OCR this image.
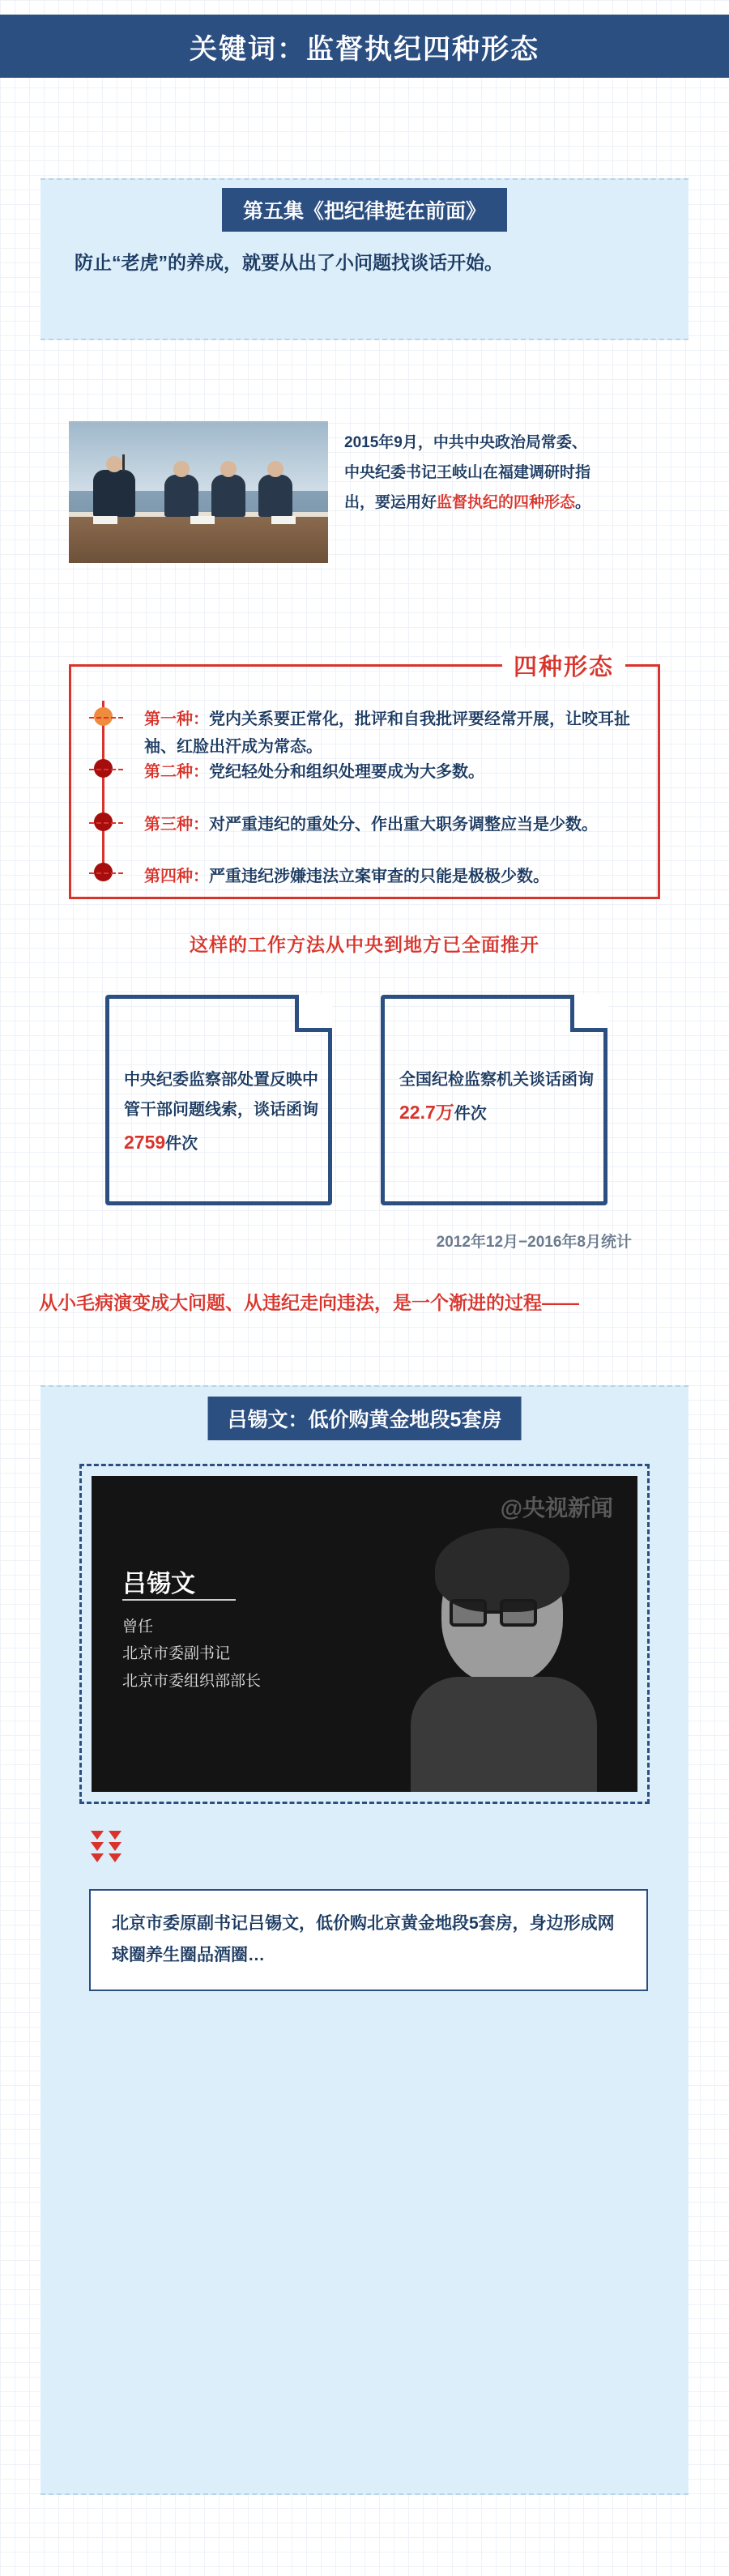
关键词：监督执纪四种形态
第五集《把纪律挺在前面》
防止“老虎”的养成，就要从出了小问题找谈话开始。
2015年9月，中共中央政治局常委、
中央纪委书记王岐山在福建调研时指
出，要运用好监督执纪的四种形态。
四种形态
第一种：党内关系要正常化，批评和自我批评要经常开展，让咬耳扯袖、红脸出汗成为常态。
第二种：党纪轻处分和组织处理要成为大多数。
第三种：对严重违纪的重处分、作出重大职务调整应当是少数。
第四种：严重违纪涉嫌违法立案审查的只能是极极少数。
这样的工作方法从中央到地方已全面推开
中央纪委监察部处置反映中管干部问题线索，谈话函询2759件次
全国纪检监察机关谈话函询22.7万件次
2012年12月−2016年8月统计
从小毛病演变成大问题、从违纪走向违法，是一个渐进的过程——
吕锡文：低价购黄金地段5套房
@央视新闻
吕锡文
曾任
北京市委副书记
北京市委组织部部长
北京市委原副书记吕锡文，低价购北京黄金地段5套房，身边形成网球圈养生圈品酒圈…
